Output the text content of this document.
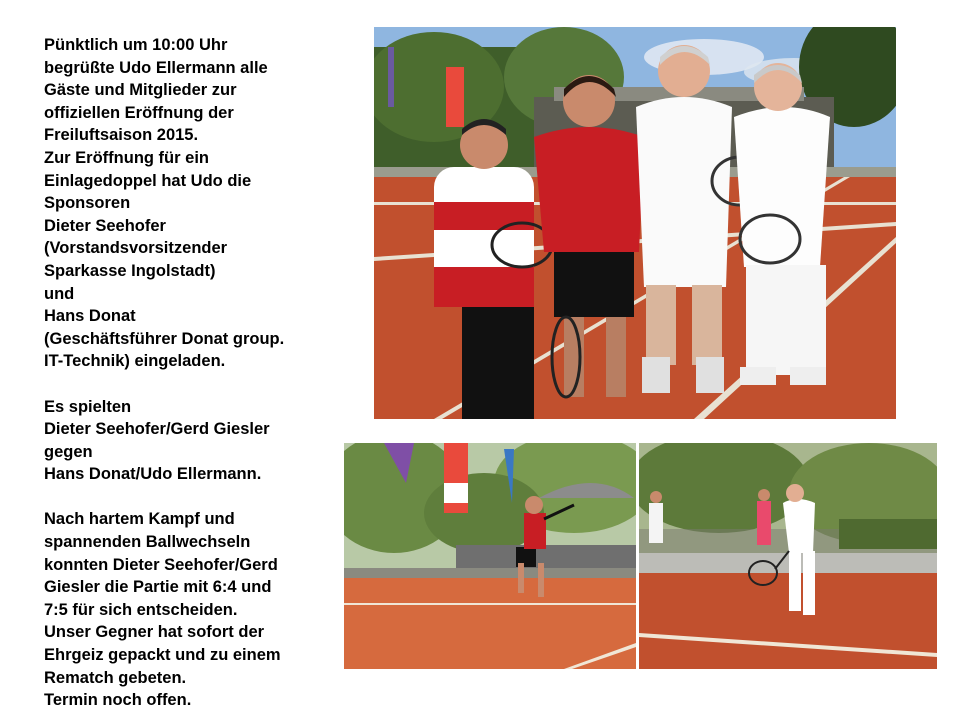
Pünktlich um 10:00 Uhr
begrüßte Udo Ellermann alle
Gäste und Mitglieder zur
offiziellen Eröffnung der
Freiluftsaison 2015.
Zur Eröffnung für ein
Einlagedoppel hat Udo die
Sponsoren
Dieter Seehofer
(Vorstandsvorsitzender
Sparkasse Ingolstadt)
und
Hans Donat
(Geschäftsführer Donat group.
IT-Technik) eingeladen.
Es spielten
Dieter Seehofer/Gerd Giesler
gegen
Hans Donat/Udo Ellermann.
Nach hartem Kampf und
spannenden Ballwechseln
konnten Dieter Seehofer/Gerd
Giesler die Partie mit 6:4 und
7:5 für sich entscheiden.
Unser Gegner hat sofort der
Ehrgeiz gepackt und zu einem
Rematch gebeten.
Termin noch offen.
